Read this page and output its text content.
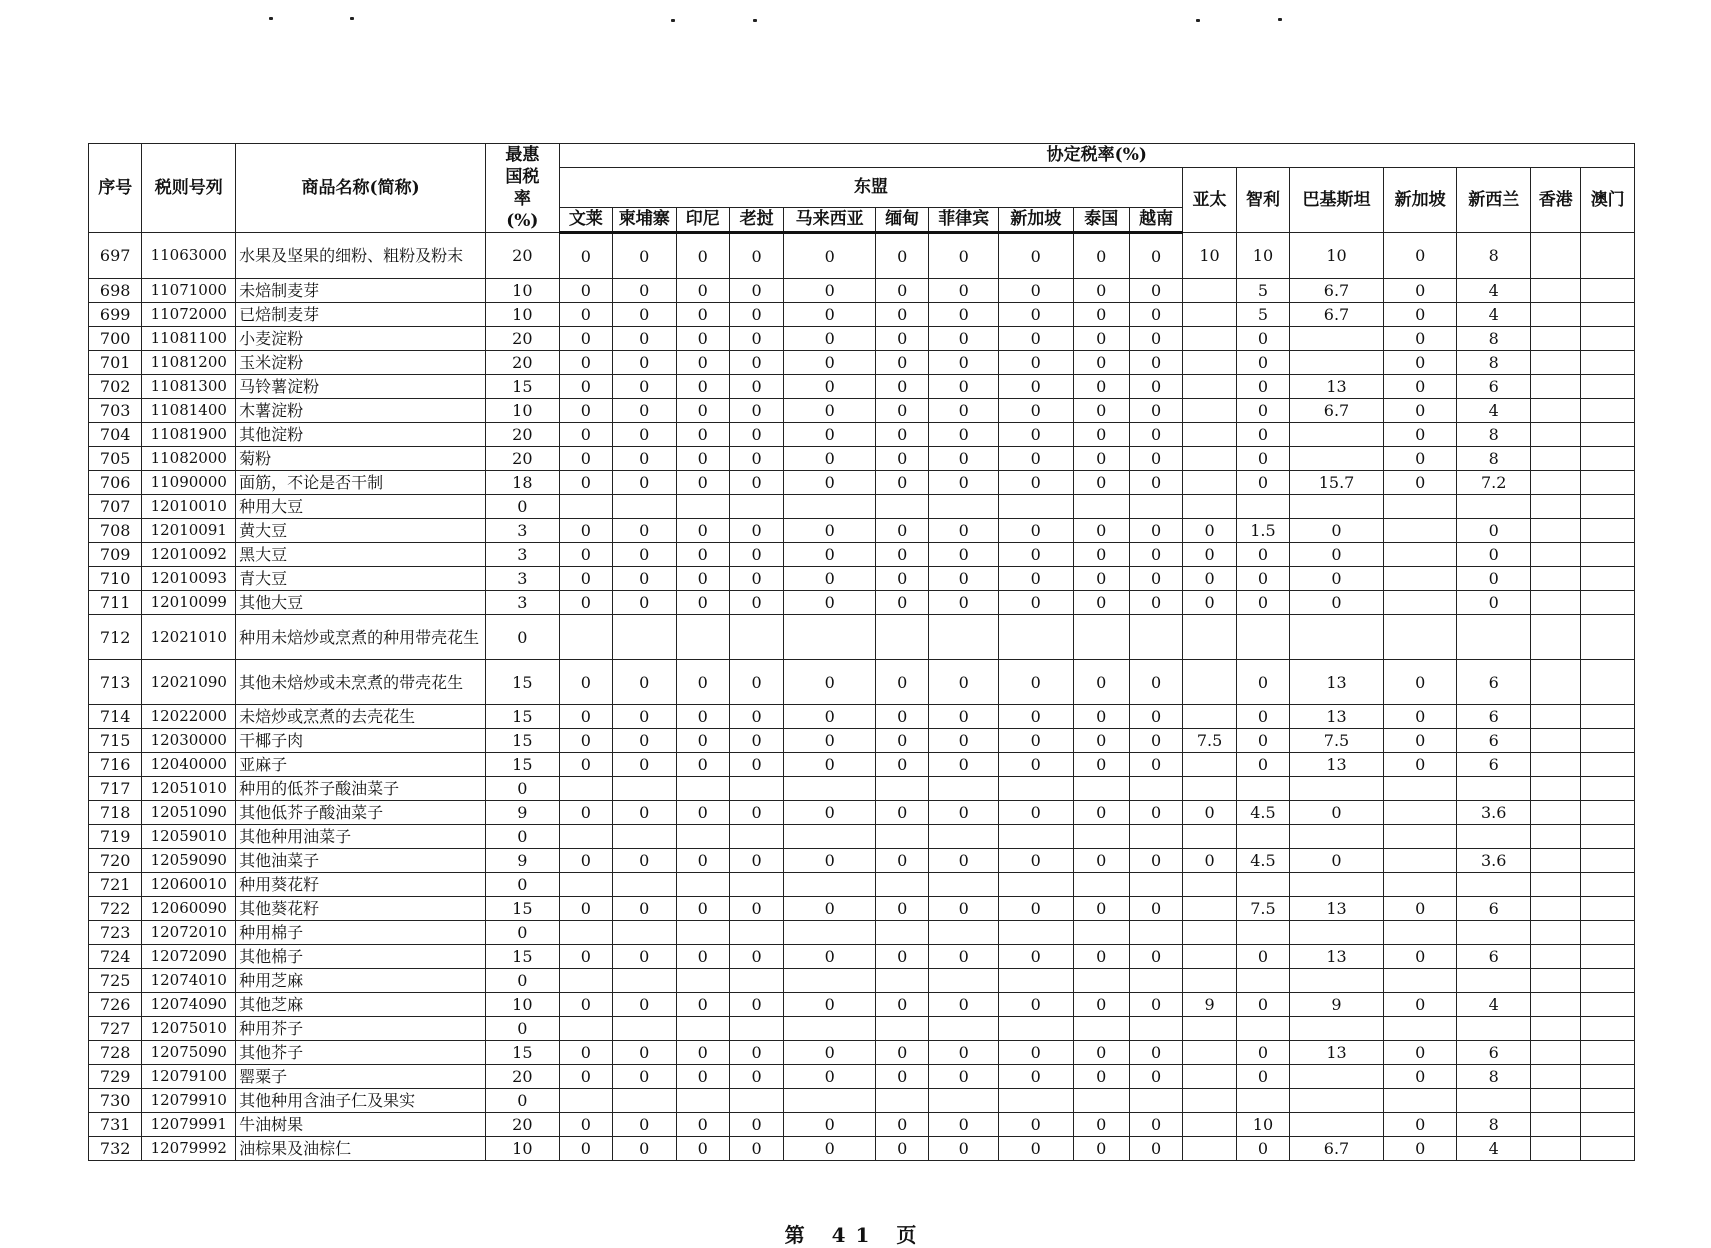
序号	税则号列	商品名称(简称)	最惠国税率(%)	协定税率(%)																
				东盟										亚太	智利	巴基斯坦	新加坡	新西兰	香港	澳门
				文莱	柬埔寨	印尼	老挝	马来西亚	缅甸	菲律宾	新加坡	泰国	越南							
697	11063000	水果及坚果的细粉、粗粉及粉末	20	0	0	0	0	0	0	0	0	0	0	10	10	10	0	8		
698	11071000	未焙制麦芽	10	0	0	0	0	0	0	0	0	0	0		5	6.7	0	4		
699	11072000	已焙制麦芽	10	0	0	0	0	0	0	0	0	0	0		5	6.7	0	4		
700	11081100	小麦淀粉	20	0	0	0	0	0	0	0	0	0	0		0		0	8		
701	11081200	玉米淀粉	20	0	0	0	0	0	0	0	0	0	0		0		0	8		
702	11081300	马铃薯淀粉	15	0	0	0	0	0	0	0	0	0	0		0	13	0	6		
703	11081400	木薯淀粉	10	0	0	0	0	0	0	0	0	0	0		0	6.7	0	4		
704	11081900	其他淀粉	20	0	0	0	0	0	0	0	0	0	0		0		0	8		
705	11082000	菊粉	20	0	0	0	0	0	0	0	0	0	0		0		0	8		
706	11090000	面筋，不论是否干制	18	0	0	0	0	0	0	0	0	0	0		0	15.7	0	7.2		
707	12010010	种用大豆	0																	
708	12010091	黄大豆	3	0	0	0	0	0	0	0	0	0	0	0	1.5	0		0		
709	12010092	黑大豆	3	0	0	0	0	0	0	0	0	0	0	0	0	0		0		
710	12010093	青大豆	3	0	0	0	0	0	0	0	0	0	0	0	0	0		0		
711	12010099	其他大豆	3	0	0	0	0	0	0	0	0	0	0	0	0	0		0		
712	12021010	种用未焙炒或烹煮的种用带壳花生	0																	
713	12021090	其他未焙炒或未烹煮的带壳花生	15	0	0	0	0	0	0	0	0	0	0		0	13	0	6		
714	12022000	未焙炒或烹煮的去壳花生	15	0	0	0	0	0	0	0	0	0	0		0	13	0	6		
715	12030000	干椰子肉	15	0	0	0	0	0	0	0	0	0	0	7.5	0	7.5	0	6		
716	12040000	亚麻子	15	0	0	0	0	0	0	0	0	0	0		0	13	0	6		
717	12051010	种用的低芥子酸油菜子	0																	
718	12051090	其他低芥子酸油菜子	9	0	0	0	0	0	0	0	0	0	0	0	4.5	0		3.6		
719	12059010	其他种用油菜子	0																	
720	12059090	其他油菜子	9	0	0	0	0	0	0	0	0	0	0	0	4.5	0		3.6		
721	12060010	种用葵花籽	0																	
722	12060090	其他葵花籽	15	0	0	0	0	0	0	0	0	0	0		7.5	13	0	6		
723	12072010	种用棉子	0																	
724	12072090	其他棉子	15	0	0	0	0	0	0	0	0	0	0		0	13	0	6		
725	12074010	种用芝麻	0																	
726	12074090	其他芝麻	10	0	0	0	0	0	0	0	0	0	0	9	0	9	0	4		
727	12075010	种用芥子	0																	
728	12075090	其他芥子	15	0	0	0	0	0	0	0	0	0	0		0	13	0	6		
729	12079100	罂粟子	20	0	0	0	0	0	0	0	0	0	0		0		0	8		
730	12079910	其他种用含油子仁及果实	0																	
731	12079991	牛油树果	20	0	0	0	0	0	0	0	0	0	0		10		0	8		
732	12079992	油棕果及油棕仁	10	0	0	0	0	0	0	0	0	0	0		0	6.7	0	4		
第 41 页
